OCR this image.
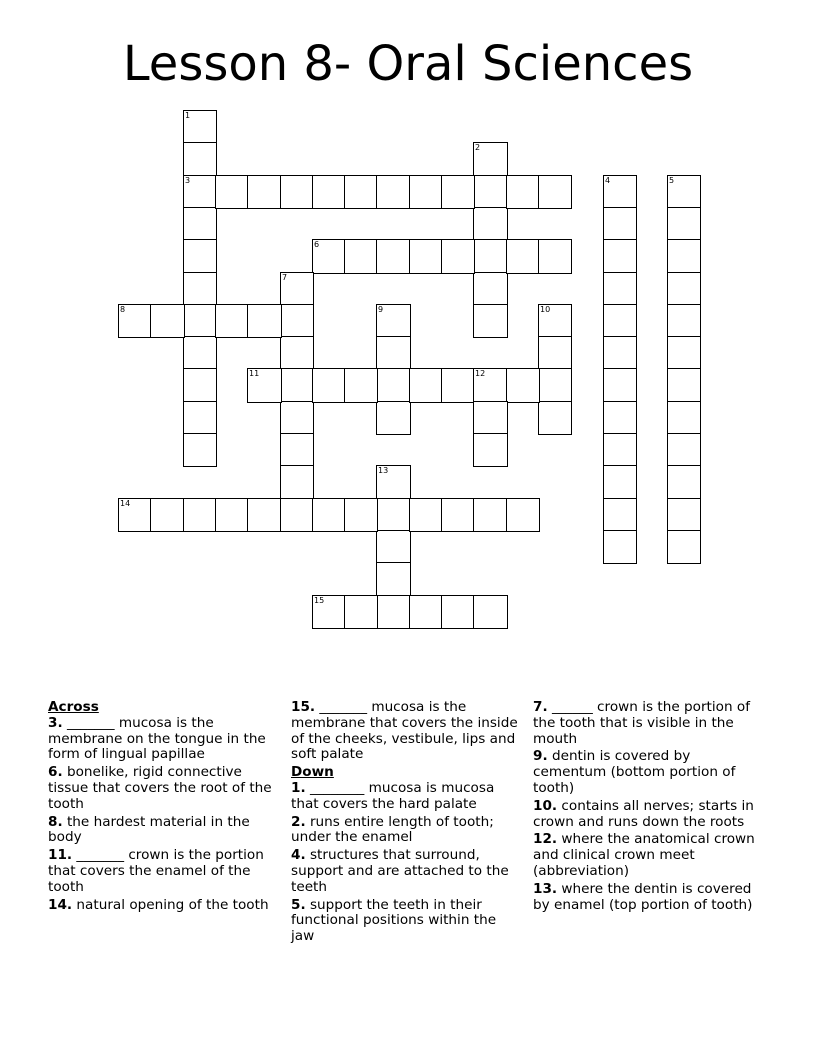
Lesson 8- Oral Sciences
1
3
2
4	5
6
7
8	9	10
11	12
13
14
15
Across
3. _______ mucosa is the membrane on the tongue in the form of lingual papillae
6. bonelike, rigid connective tissue that covers the root of the tooth
8. the hardest material in the body
11. _______ crown is the portion that covers the enamel of the tooth
14. natural opening of the tooth
15. _______ mucosa is the membrane that covers the inside of the cheeks, vestibule, lips and soft palate
Down
1. ________ mucosa is mucosa that covers the hard palate
2. runs entire length of tooth; under the enamel
4. structures that surround, support and are attached to the teeth
5. support the teeth in their functional positions within the jaw
7. ______ crown is the portion of the tooth that is visible in the mouth
9. dentin is covered by cementum (bottom portion of tooth)
10. contains all nerves; starts in crown and runs down the roots
12. where the anatomical crown and clinical crown meet (abbreviation)
13. where the dentin is covered by enamel (top portion of tooth)
